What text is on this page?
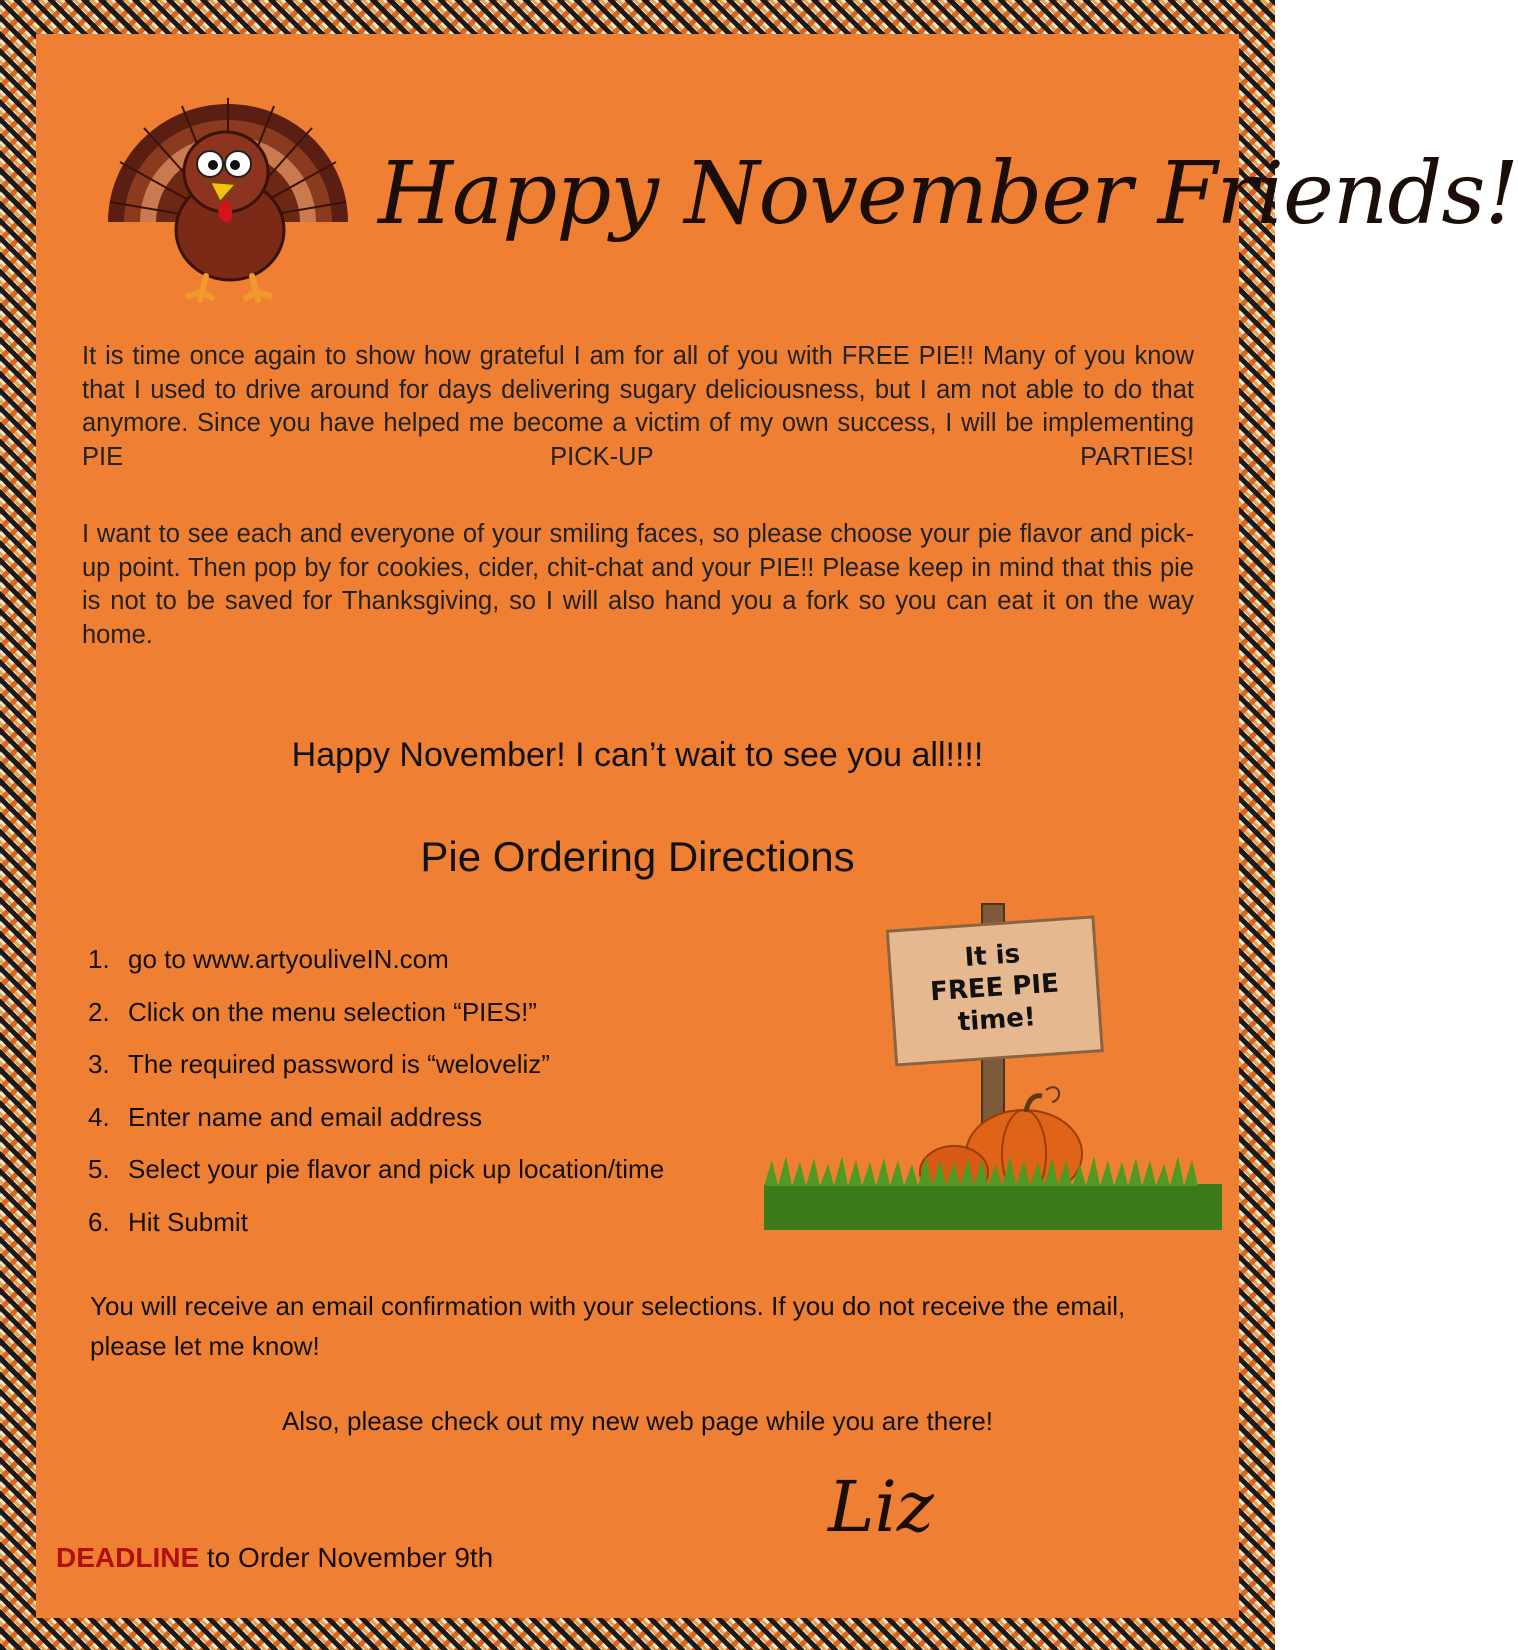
Happy November Friends!

It is time once again to show how grateful I am for all of you with FREE PIE!! Many of you know that I used to drive around for days delivering sugary deliciousness, but I am not able to do that anymore. Since you have helped me become a victim of my own success, I will be implementing PIE PICK-UP PARTIES!

I want to see each and everyone of your smiling faces, so please choose your pie flavor and pick-up point. Then pop by for cookies, cider, chit-chat and your PIE!! Please keep in mind that this pie is not to be saved for Thanksgiving, so I will also hand you a fork so you can eat it on the way home.

Happy November! I can’t wait to see you all!!!!

Pie Ordering Directions

1. go to www.artyouliveIN.com
2. Click on the menu selection “PIES!”
3. The required password is “weloveliz”
4. Enter name and email address
5. Select your pie flavor and pick up location/time
6. Hit Submit
It is
FREE PIE
time!

You will receive an email confirmation with your selections. If you do not receive the email, please let me know!

Also, please check out my new web page while you are there!

DEADLINE to Order November 9th
Liz
